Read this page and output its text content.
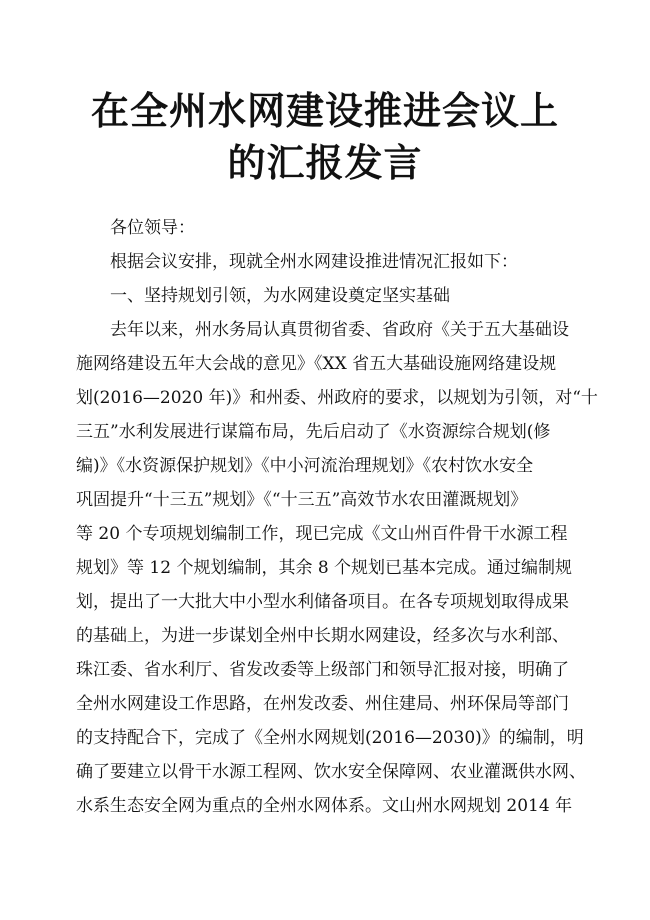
在全州水网建设推进会议上
的汇报发言
各位领导：
根据会议安排，现就全州水网建设推进情况汇报如下：
一、坚持规划引领，为水网建设奠定坚实基础
去年以来，州水务局认真贯彻省委、省政府《关于五大基础设
施网络建设五年大会战的意见》《XX 省五大基础设施网络建设规
划(2016—2020 年)》和州委、州政府的要求，以规划为引领，对“十
三五”水利发展进行谋篇布局，先后启动了《水资源综合规划(修
编)》《水资源保护规划》《中小河流治理规划》《农村饮水安全
巩固提升“十三五”规划》《“十三五”高效节水农田灌溉规划》
等 20 个专项规划编制工作，现已完成《文山州百件骨干水源工程
规划》等 12 个规划编制，其余 8 个规划已基本完成。通过编制规
划，提出了一大批大中小型水利储备项目。在各专项规划取得成果
的基础上，为进一步谋划全州中长期水网建设，经多次与水利部、
珠江委、省水利厅、省发改委等上级部门和领导汇报对接，明确了
全州水网建设工作思路，在州发改委、州住建局、州环保局等部门
的支持配合下，完成了《全州水网规划(2016—2030)》的编制，明
确了要建立以骨干水源工程网、饮水安全保障网、农业灌溉供水网、
水系生态安全网为重点的全州水网体系。文山州水网规划 2014 年
